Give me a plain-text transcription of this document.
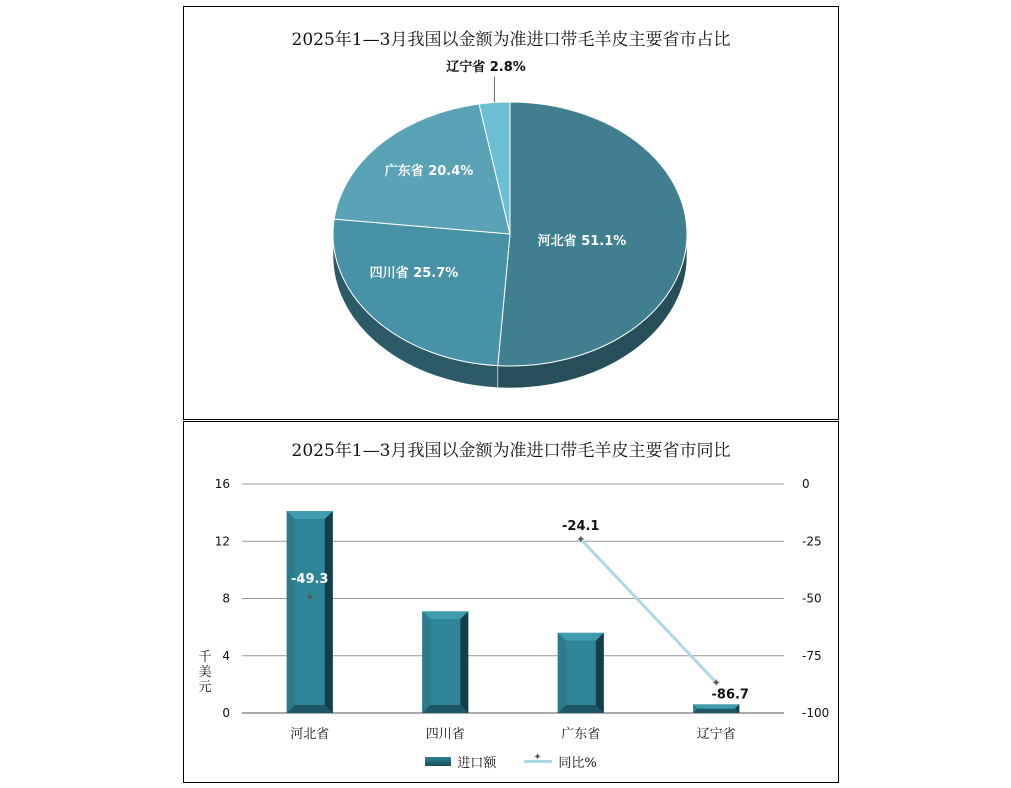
2025年1—3月我国以金额为准进口带毛羊皮主要省市占比
河北省 51.1%
四川省 25.7%
广东省 20.4%
辽宁省 2.8%
2025年1—3月我国以金额为准进口带毛羊皮主要省市同比
千美元
0
4
8
12
16
-100
-75
-50
-25
0
河北省	四川省	广东省	辽宁省
✦
-49.3
✦
-24.1
✦
-86.7
进口额
✦	同比%
